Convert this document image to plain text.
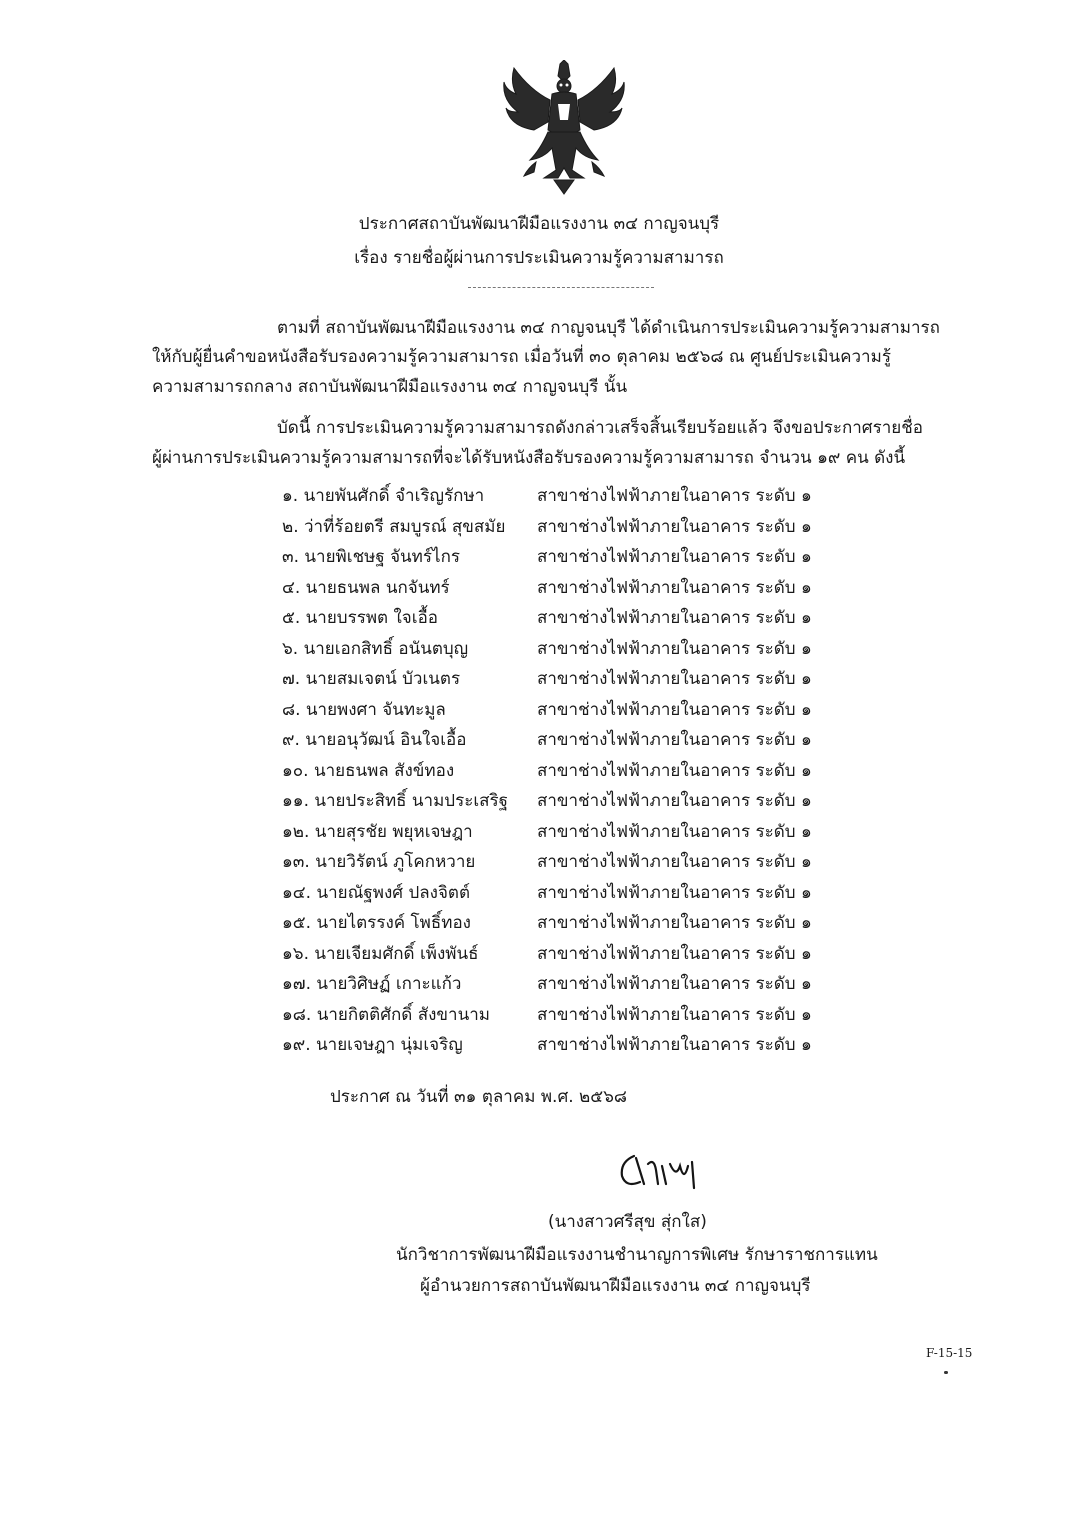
ประกาศสถาบันพัฒนาฝีมือแรงงาน ๓๔ กาญจนบุรี
เรื่อง รายชื่อผู้ผ่านการประเมินความรู้ความสามารถ
ตามที่ สถาบันพัฒนาฝีมือแรงงาน ๓๔ กาญจนบุรี ได้ดำเนินการประเมินความรู้ความสามารถ
ให้กับผู้ยื่นคำขอหนังสือรับรองความรู้ความสามารถ เมื่อวันที่ ๓๐ ตุลาคม ๒๕๖๘ ณ ศูนย์ประเมินความรู้
ความสามารถกลาง สถาบันพัฒนาฝีมือแรงงาน ๓๔ กาญจนบุรี นั้น
บัดนี้ การประเมินความรู้ความสามารถดังกล่าวเสร็จสิ้นเรียบร้อยแล้ว จึงขอประกาศรายชื่อ
ผู้ผ่านการประเมินความรู้ความสามารถที่จะได้รับหนังสือรับรองความรู้ความสามารถ จำนวน ๑๙ คน ดังนี้
๑. นายพันศักดิ์ จำเริญรักษา	สาขาช่างไฟฟ้าภายในอาคาร ระดับ ๑
๒. ว่าที่ร้อยตรี สมบูรณ์ สุขสมัย สาขาช่างไฟฟ้าภายในอาคาร ระดับ ๑
๓. นายพิเชษฐ จันทร์ไกร	สาขาช่างไฟฟ้าภายในอาคาร ระดับ ๑
๔. นายธนพล นกจันทร์	สาขาช่างไฟฟ้าภายในอาคาร ระดับ ๑
๕. นายบรรพต ใจเอื้อ	สาขาช่างไฟฟ้าภายในอาคาร ระดับ ๑
๖. นายเอกสิทธิ์ อนันตบุญ	สาขาช่างไฟฟ้าภายในอาคาร ระดับ ๑
๗. นายสมเจตน์ บัวเนตร	สาขาช่างไฟฟ้าภายในอาคาร ระดับ ๑
๘. นายพงศา จันทะมูล	สาขาช่างไฟฟ้าภายในอาคาร ระดับ ๑
๙. นายอนุวัฒน์ อินใจเอื้อ	สาขาช่างไฟฟ้าภายในอาคาร ระดับ ๑
๑๐. นายธนพล สังข์ทอง	สาขาช่างไฟฟ้าภายในอาคาร ระดับ ๑
๑๑. นายประสิทธิ์ นามประเสริฐ สาขาช่างไฟฟ้าภายในอาคาร ระดับ ๑
๑๒. นายสุรชัย พยุหเจษฎา	สาขาช่างไฟฟ้าภายในอาคาร ระดับ ๑
๑๓. นายวิรัตน์ ภูโคกหวาย	สาขาช่างไฟฟ้าภายในอาคาร ระดับ ๑
๑๔. นายณัฐพงศ์ ปลงจิตต์	สาขาช่างไฟฟ้าภายในอาคาร ระดับ ๑
๑๕. นายไตรรงค์ โพธิ์ทอง	สาขาช่างไฟฟ้าภายในอาคาร ระดับ ๑
๑๖. นายเจียมศักดิ์ เพ็งพันธ์	สาขาช่างไฟฟ้าภายในอาคาร ระดับ ๑
๑๗. นายวิศิษฏ์ เกาะแก้ว	สาขาช่างไฟฟ้าภายในอาคาร ระดับ ๑
๑๘. นายกิตติศักดิ์ สังขานาม	สาขาช่างไฟฟ้าภายในอาคาร ระดับ ๑
๑๙. นายเจษฎา นุ่มเจริญ	สาขาช่างไฟฟ้าภายในอาคาร ระดับ ๑
ประกาศ ณ วันที่ ๓๑ ตุลาคม พ.ศ. ๒๕๖๘
(นางสาวศรีสุข สุ่กใส)
นักวิชาการพัฒนาฝีมือแรงงานชำนาญการพิเศษ รักษาราชการแทน
ผู้อำนวยการสถาบันพัฒนาฝีมือแรงงาน ๓๔ กาญจนบุรี
F-15-15
